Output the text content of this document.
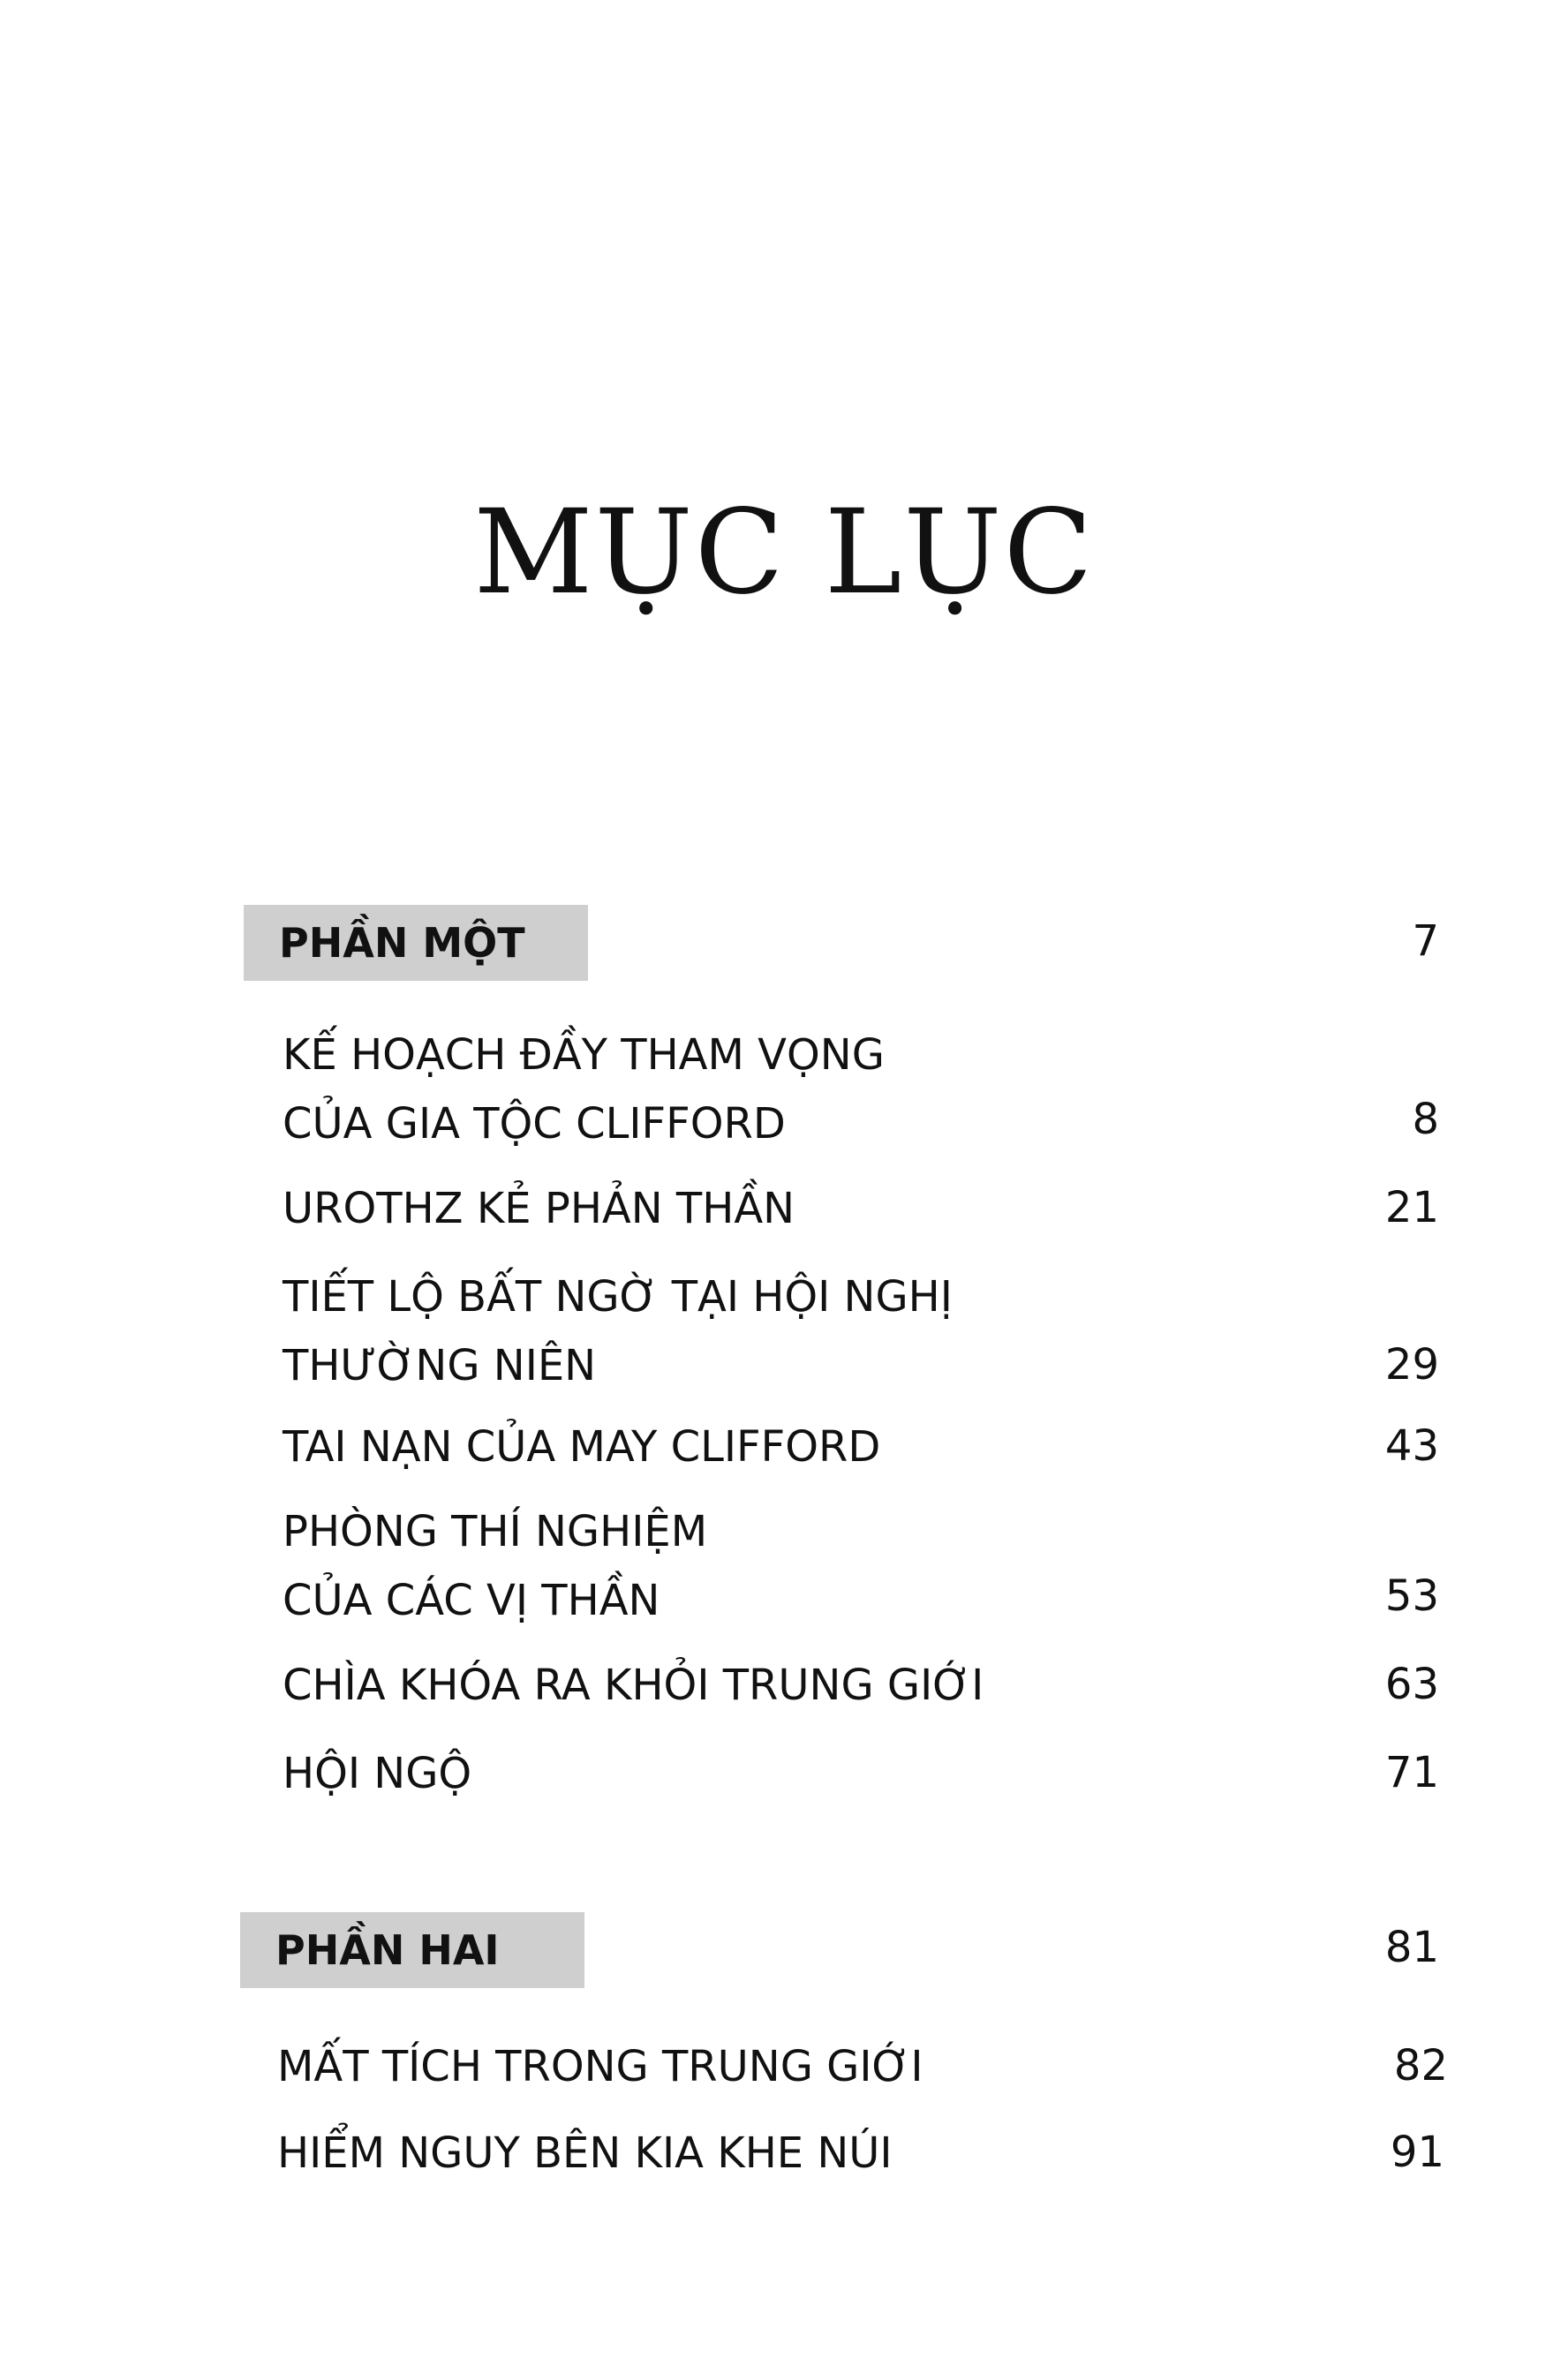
MỤC LỤC
PHẦN MỘT	7
KẾ HOẠCH ĐẦY THAM VỌNG
CỦA GIA TỘC CLIFFORD	8
UROTHZ KẺ PHẢN THẦN	21
TIẾT LỘ BẤT NGỜ TẠI HỘI NGHỊ
THƯỜNG NIÊN	29
TAI NẠN CỦA MAY CLIFFORD	43
PHÒNG THÍ NGHIỆM
CỦA CÁC VỊ THẦN	53
CHÌA KHÓA RA KHỎI TRUNG GIỚI	63
HỘI NGỘ	71
PHẦN HAI	81
MẤT TÍCH TRONG TRUNG GIỚI	82
HIỂM NGUY BÊN KIA KHE NÚI	91
